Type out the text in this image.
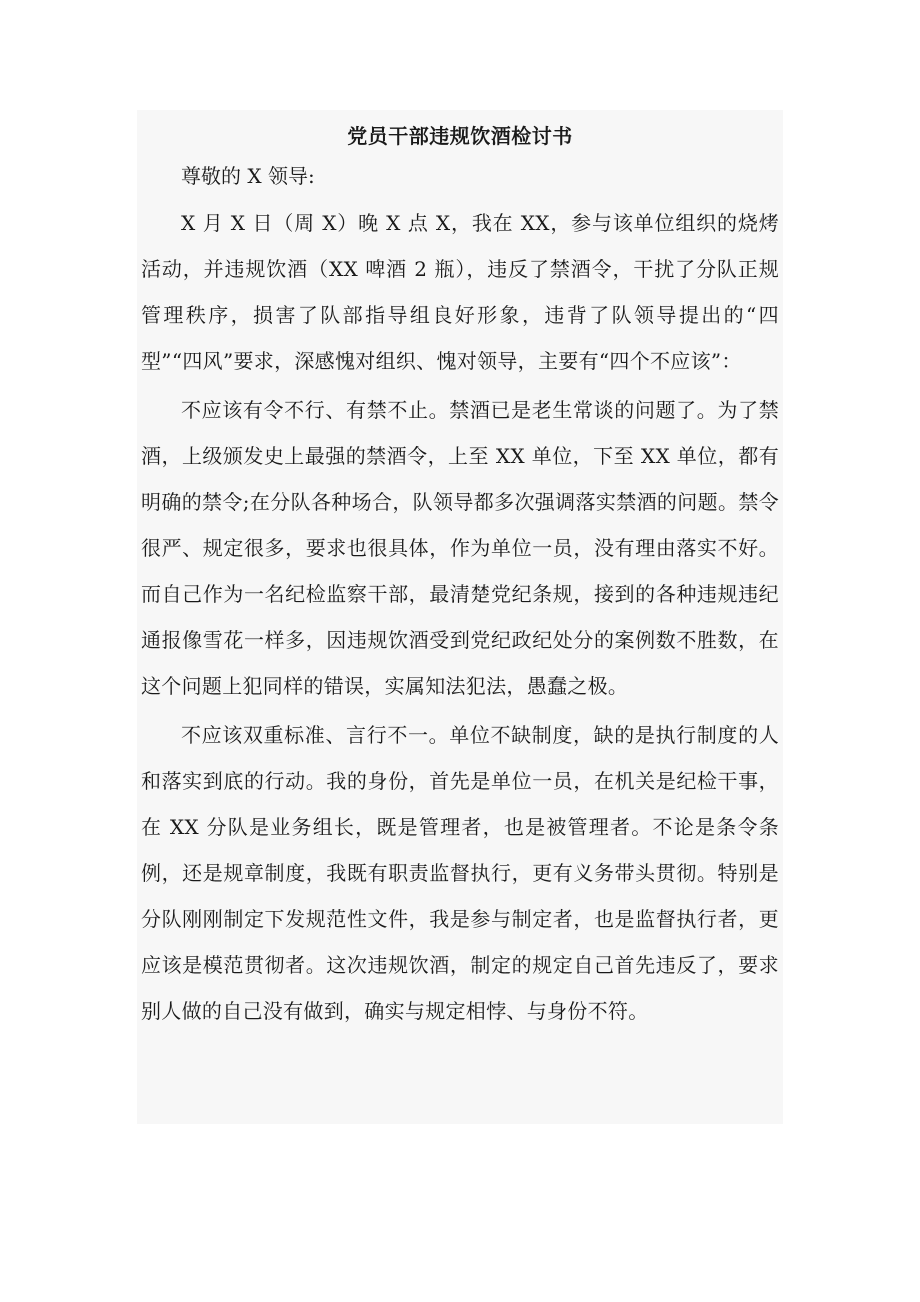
党员干部违规饮酒检讨书
尊敬的 X 领导:

X 月 X 日（周 X）晚 X 点 X，我在 XX，参与该单位组织的烧烤活动，并违规饮酒（XX 啤酒 2 瓶），违反了禁酒令，干扰了分队正规管理秩序，损害了队部指导组良好形象，违背了队领导提出的“四型”“四风”要求，深感愧对组织、愧对领导，主要有“四个不应该”：

不应该有令不行、有禁不止。禁酒已是老生常谈的问题了。为了禁酒，上级颁发史上最强的禁酒令，上至 XX 单位，下至 XX 单位，都有明确的禁令;在分队各种场合，队领导都多次强调落实禁酒的问题。禁令很严、规定很多，要求也很具体，作为单位一员，没有理由落实不好。而自己作为一名纪检监察干部，最清楚党纪条规，接到的各种违规违纪通报像雪花一样多，因违规饮酒受到党纪政纪处分的案例数不胜数，在这个问题上犯同样的错误，实属知法犯法，愚蠢之极。

不应该双重标准、言行不一。单位不缺制度，缺的是执行制度的人和落实到底的行动。我的身份，首先是单位一员，在机关是纪检干事，在 XX 分队是业务组长，既是管理者，也是被管理者。不论是条令条例，还是规章制度，我既有职责监督执行，更有义务带头贯彻。特别是分队刚刚制定下发规范性文件，我是参与制定者，也是监督执行者，更应该是模范贯彻者。这次违规饮酒，制定的规定自己首先违反了，要求别人做的自己没有做到，确实与规定相悖、与身份不符。
